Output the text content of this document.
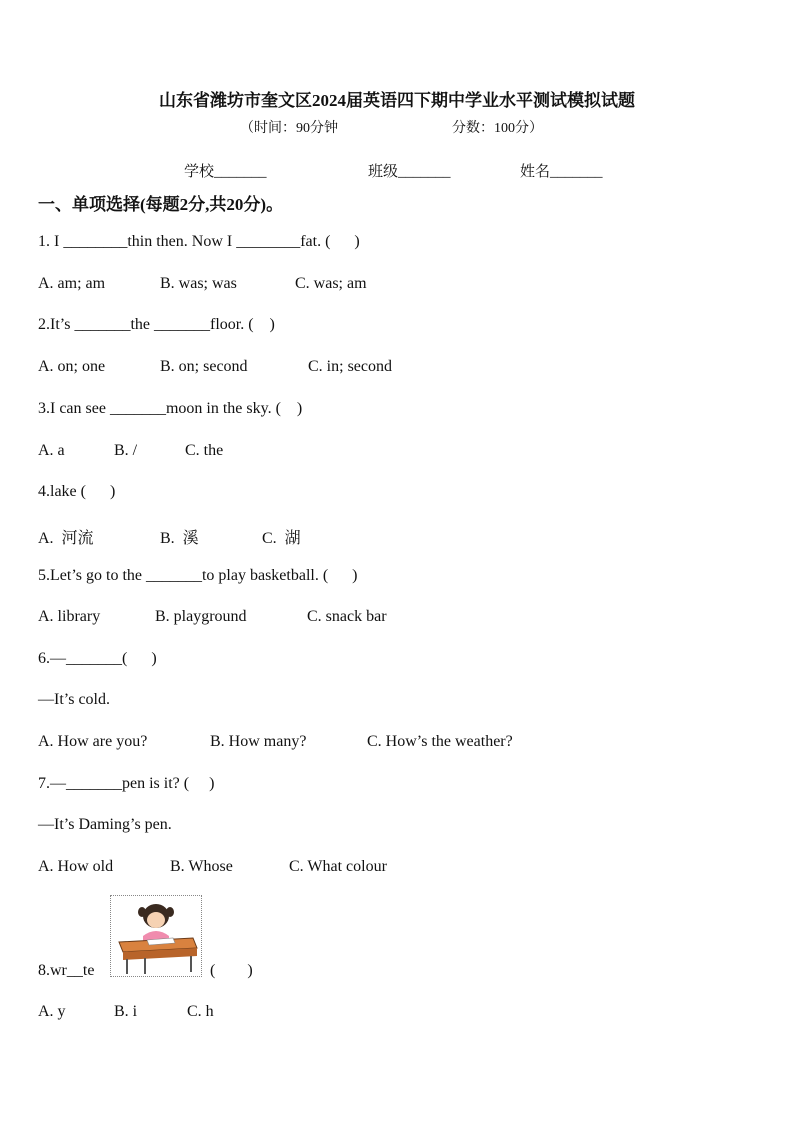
山东省潍坊市奎文区2024届英语四下期中学业水平测试模拟试题
（时间：90分钟	分数：100分）
学校_______	班级_______	姓名_______
一、单项选择(每题2分,共20分)。
1. I ________thin then. Now I ________fat. (      )
A. am; am	B. was; was	C. was; am
2.It’s _______the _______floor. (    )
A. on; one	B. on; second	C. in; second
3.I can see _______moon in the sky. (    )
A. a	B. /	C. the
4.lake (      )
A.  河流	B.  溪	C.  湖
5.Let’s go to the _______to play basketball. (      )
A. library	B. playground	C. snack bar
6.—_______(      )
—It’s cold.
A. How are you?	B. How many?	C. How’s the weather?
7.—_______pen is it? (     )
—It’s Daming’s pen.
A. How old	B. Whose	C. What colour
8.wr__te	(        )
A. y	B. i	C. h
